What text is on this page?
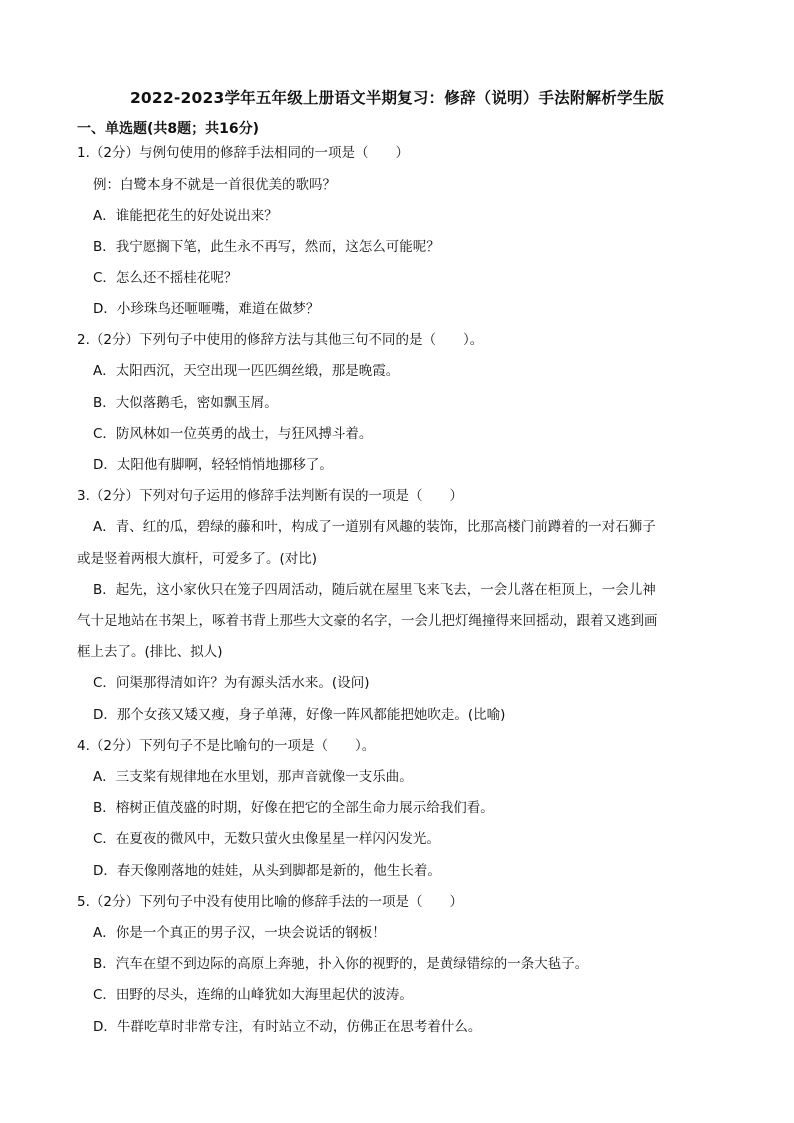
2022-2023学年五年级上册语文半期复习：修辞（说明）手法附解析学生版
一、单选题(共8题；共16分)
1.（2分）与例句使用的修辞手法相同的一项是（　　）
例：白鹭本身不就是一首很优美的歌吗？
A．谁能把花生的好处说出来？
B．我宁愿搁下笔，此生永不再写，然而，这怎么可能呢？
C．怎么还不摇桂花呢？
D．小珍珠鸟还咂咂嘴，难道在做梦？
2.（2分）下列句子中使用的修辞方法与其他三句不同的是（　　）。
A．太阳西沉，天空出现一匹匹绸丝缎，那是晚霞。
B．大似落鹅毛，密如飘玉屑。
C．防风林如一位英勇的战士，与狂风搏斗着。
D．太阳他有脚啊，轻轻悄悄地挪移了。
3.（2分）下列对句子运用的修辞手法判断有误的一项是（　　）
A．青、红的瓜，碧绿的藤和叶，构成了一道别有风趣的装饰，比那高楼门前蹲着的一对石狮子
或是竖着两根大旗杆，可爱多了。(对比)
B．起先，这小家伙只在笼子四周活动，随后就在屋里飞来飞去，一会儿落在柜顶上，一会儿神
气十足地站在书架上，啄着书背上那些大文豪的名字，一会儿把灯绳撞得来回摇动，跟着又逃到画
框上去了。(排比、拟人)
C．问渠那得清如许？为有源头活水来。(设问)
D．那个女孩又矮又瘦，身子单薄，好像一阵风都能把她吹走。(比喻)
4.（2分）下列句子不是比喻句的一项是（　　）。
A．三支桨有规律地在水里划，那声音就像一支乐曲。
B．榕树正值茂盛的时期，好像在把它的全部生命力展示给我们看。
C．在夏夜的微风中，无数只萤火虫像星星一样闪闪发光。
D．春天像刚落地的娃娃，从头到脚都是新的，他生长着。
5.（2分）下列句子中没有使用比喻的修辞手法的一项是（　　）
A．你是一个真正的男子汉，一块会说话的钢板！
B．汽车在望不到边际的高原上奔驰，扑入你的视野的，是黄绿错综的一条大毡子。
C．田野的尽头，连绵的山峰犹如大海里起伏的波涛。
D．牛群吃草时非常专注，有时站立不动，仿佛正在思考着什么。
